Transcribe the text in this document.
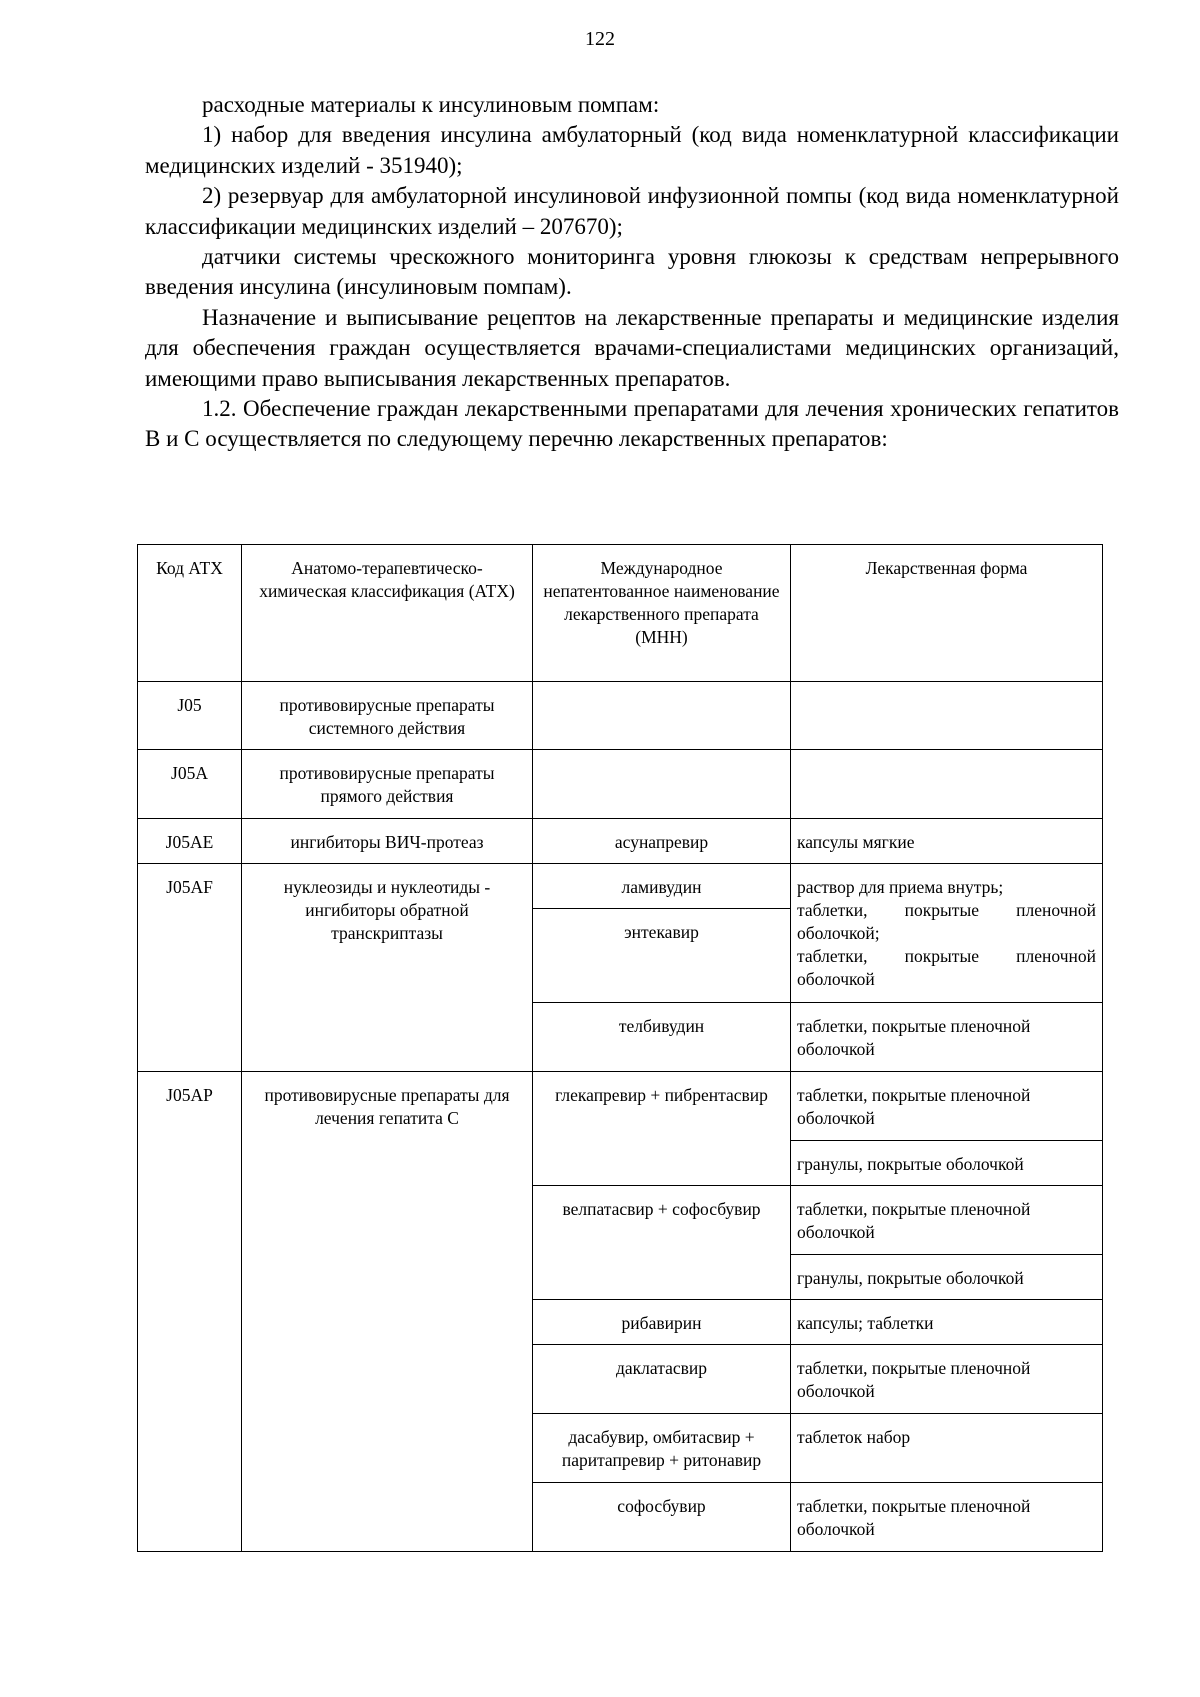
122

расходные материалы к инсулиновым помпам:

1) набор для введения инсулина амбулаторный (код вида номенклатурной классификации медицинских изделий - 351940);

2) резервуар для амбулаторной инсулиновой инфузионной помпы (код вида номенклатурной классификации медицинских изделий – 207670);

датчики системы чрескожного мониторинга уровня глюкозы к средствам непрерывного введения инсулина (инсулиновым помпам).

Назначение и выписывание рецептов на лекарственные препараты и медицинские изделия для обеспечения граждан осуществляется врачами-специалистами медицинских организаций, имеющими право выписывания лекарственных препаратов.

1.2. Обеспечение граждан лекарственными препаратами для лечения хронических гепатитов B и C осуществляется по следующему перечню лекарственных препаратов:

Код АТХ	Анатомо-терапевтическо-химическая классификация (АТХ)	Международное непатентованное наименование лекарственного препарата (МНН)	Лекарственная форма
J05	противовирусные препараты системного действия		
J05A	противовирусные препараты прямого действия		
J05AE	ингибиторы ВИЧ-протеаз	асунапревир	капсулы мягкие
J05AF	нуклеозиды и нуклеотиды - ингибиторы обратной транскриптазы	ламивудин	раствор для приема внутрь;
таблетки, покрытые пленочной оболочкой;
таблетки, покрытые пленочной оболочкой

		энтекавир	
		телбивудин	таблетки, покрытые пленочной оболочкой
J05AP	противовирусные препараты для лечения гепатита C	глекапревир + пибрентасвир	таблетки, покрытые пленочной оболочкой
			гранулы, покрытые оболочкой
		велпатасвир + софосбувир	таблетки, покрытые пленочной оболочкой
			гранулы, покрытые оболочкой
		рибавирин	капсулы; таблетки
		даклатасвир	таблетки, покрытые пленочной оболочкой
		дасабувир, омбитасвир + паритапревир + ритонавир	таблеток набор
		софосбувир	таблетки, покрытые пленочной оболочкой
